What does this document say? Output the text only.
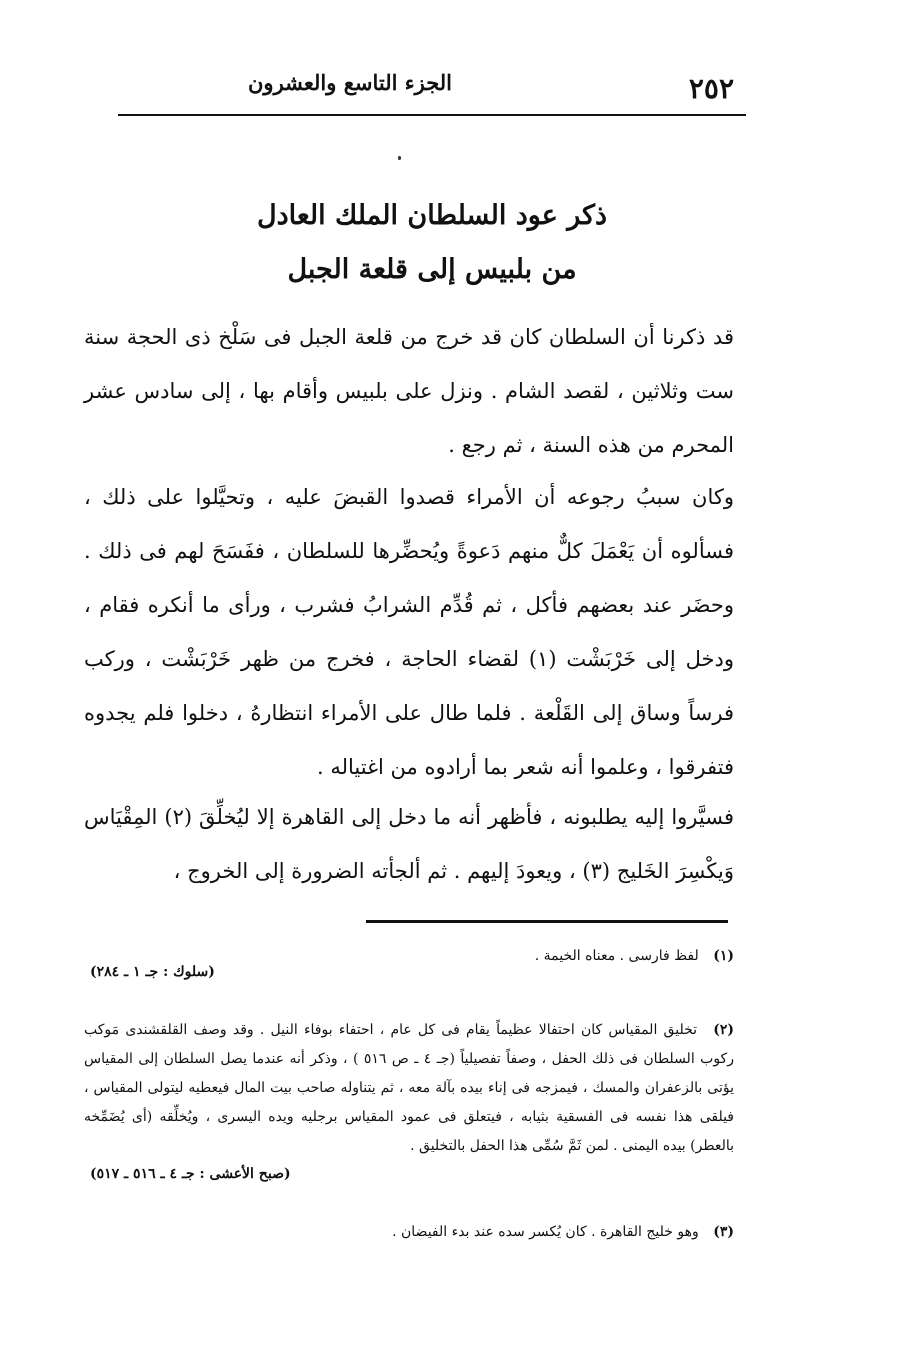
٢٥٢
الجزء التاسع والعشرون
ذكر عود السلطان الملك العادل
من بلبيس إلى قلعة الجبل
قد ذكرنا أن السلطان كان قد خرج من قلعة الجبل فى سَلْخ ذى الحجة سنة ست وثلاثين ، لقصد الشام . ونزل على بلبيس وأقام بها ، إلى سادس عشر المحرم من هذه السنة ، ثم رجع .
وكان سببُ رجوعه أن الأمراء قصدوا القبضَ عليه ، وتحيَّلوا على ذلك ، فسألوه أن يَعْمَلَ كلٌّ منهم دَعوةً ويُحضِّرها للسلطان ، ففَسَحَ لهم فى ذلك . وحضَر عند بعضهم فأكل ، ثم قُدِّم الشرابُ فشرب ، ورأى ما أنكره فقام ، ودخل إلى خَرْبَشْت (١) لقضاء الحاجة ، فخرج من ظهر خَرْبَشْت ، وركب فرساً وساق إلى القَلْعة . فلما طال على الأمراء انتظارهُ ، دخلوا فلم يجدوه فتفرقوا ، وعلموا أنه شعر بما أرادوه من اغتياله .
فسيَّروا إليه يطلبونه ، فأظهر أنه ما دخل إلى القاهرة إلا ليُخلِّقَ (٢) المِقْيَاس وَيكْسِرَ الخَليج (٣) ، ويعودَ إليهم . ثم ألجأته الضرورة إلى الخروج ،
(١) لفظ فارسى . معناه الخيمة .
(سلوك : جـ ١ ـ ٢٨٤)
(٢) تخليق المقياس كان احتفالا عظيماً يقام فى كل عام ، احتفاء بوفاء النيل . وقد وصف القلقشندى مَوكب ركوب السلطان فى ذلك الحفل ، وصفاً تفصيلياً (جـ ٤ ـ ص ٥١٦ ) ، وذكر أنه عندما يصل السلطان إلى المقياس يؤتى بالزعفران والمسك ، فيمزجه فى إناء بيده بآلة معه ، ثم يتناوله صاحب بيت المال فيعطيه ليتولى المقياس ، فيلقى هذا نفسه فى الفسقية بثيابه ، فيتعلق فى عمود المقياس برجليه ويده اليسرى ، ويُخلِّقه (أى يُضَمِّخه بالعطر) بيده اليمنى . لمن ثَمَّ سُمِّى هذا الحفل بالتخليق .
(صبح الأعشى : جـ ٤ ـ ٥١٦ ـ ٥١٧)
(٣) وهو خليج القاهرة . كان يُكسر سده عند بدء الفيضان .
